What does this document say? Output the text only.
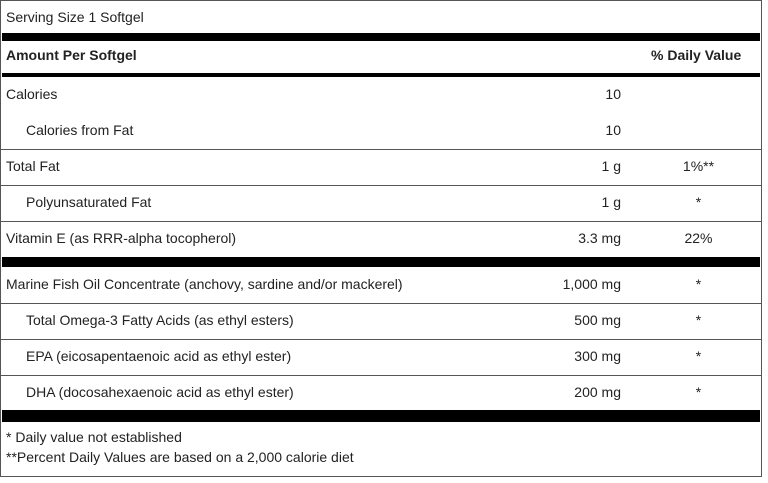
Serving Size 1 Softgel
Amount Per Softgel	% Daily Value
Calories	10
Calories from Fat	10
Total Fat	1 g	1%**
Polyunsaturated Fat	1 g	*
Vitamin E (as RRR-alpha tocopherol)	3.3 mg	22%
Marine Fish Oil Concentrate (anchovy, sardine and/or mackerel)	1,000 mg	*
Total Omega-3 Fatty Acids (as ethyl esters)	500 mg	*
EPA (eicosapentaenoic acid as ethyl ester)	300 mg	*
DHA (docosahexaenoic acid as ethyl ester)	200 mg	*
* Daily value not established
**Percent Daily Values are based on a 2,000 calorie diet
